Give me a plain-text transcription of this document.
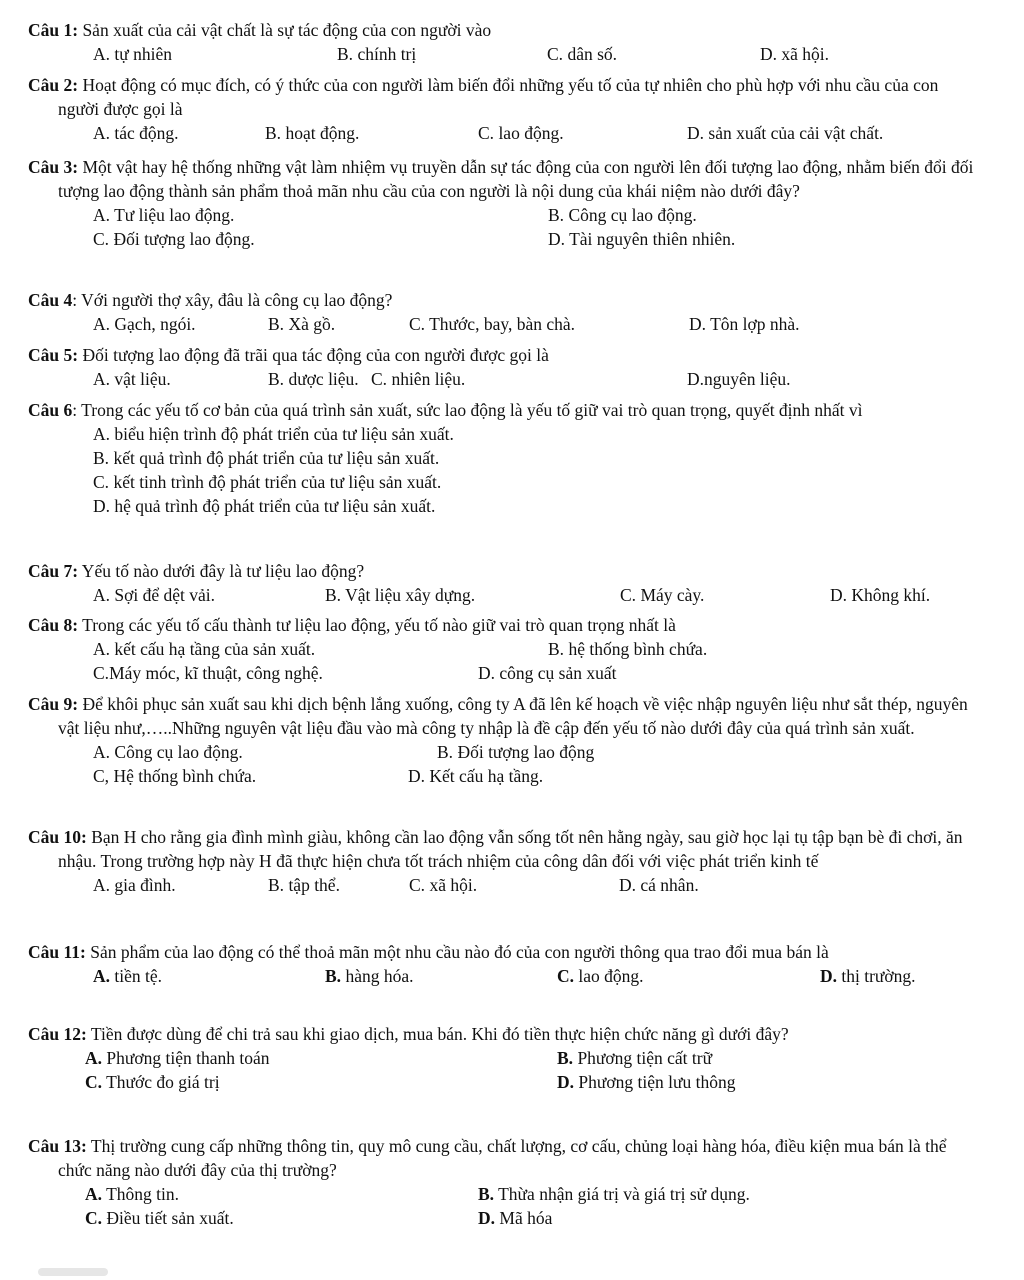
Câu 1: Sản xuất của cải vật chất là sự tác động của con người vào

A. tự nhiên	B. chính trị	C. dân số.	D. xã hội.

Câu 2: Hoạt động có mục đích, có ý thức của con người làm biến đổi những yếu tố của tự nhiên cho phù hợp với nhu cầu của con người được gọi là

A. tác động.	B. hoạt động.	C. lao động.	D. sản xuất của cải vật chất.

Câu 3: Một vật hay hệ thống những vật làm nhiệm vụ truyền dẫn sự tác động của con người lên đối tượng lao động, nhằm biến đổi đối tượng lao động thành sản phẩm thoả mãn nhu cầu của con người là nội dung của khái niệm nào dưới đây?

A. Tư liệu lao động.	B. Công cụ lao động.
C. Đối tượng lao động.	D. Tài nguyên thiên nhiên.

Câu 4: Với người thợ xây, đâu là công cụ lao động?

A. Gạch, ngói.	B. Xà gồ.	C. Thước, bay, bàn chà.	D. Tôn lợp nhà.

Câu 5: Đối tượng lao động đã trãi qua tác động của con người được gọi là

A. vật liệu.	B. dược liệu. C. nhiên liệu.	D.nguyên liệu.

Câu 6: Trong các yếu tố cơ bản của quá trình sản xuất, sức lao động là yếu tố giữ vai trò quan trọng, quyết định nhất vì

A. biểu hiện trình độ phát triển của tư liệu sản xuất.
B. kết quả trình độ phát triển của tư liệu sản xuất.
C. kết tinh trình độ phát triển của tư liệu sản xuất.
D. hệ quả trình độ phát triển của tư liệu sản xuất.

Câu 7: Yếu tố nào dưới đây là tư liệu lao động?

A. Sợi để dệt vải.	B. Vật liệu xây dựng.	C. Máy cày.	D. Không khí.

Câu 8: Trong các yếu tố cấu thành tư liệu lao động, yếu tố nào giữ vai trò quan trọng nhất là

A. kết cấu hạ tầng của sản xuất.	B. hệ thống bình chứa.
C.Máy móc, kĩ thuật, công nghệ.	D. công cụ sản xuất

Câu 9: Để khôi phục sản xuất sau khi dịch bệnh lắng xuống, công ty A đã lên kế hoạch về việc nhập nguyên liệu như sắt thép, nguyên vật liệu như,…..Những nguyên vật liệu đầu vào mà công ty nhập là đề cập đến yếu tố nào dưới đây của quá trình sản xuất.

A. Công cụ lao động.	B. Đối tượng lao động
C, Hệ thống bình chứa.	D. Kết cấu hạ tầng.

Câu 10: Bạn H cho rằng gia đình mình giàu, không cần lao động vẫn sống tốt nên hằng ngày, sau giờ học lại tụ tập bạn bè đi chơi, ăn nhậu. Trong trường hợp này H đã thực hiện chưa tốt trách nhiệm của công dân đối với việc phát triển kinh tế

A. gia đình.	B. tập thể.	C. xã hội.	D. cá nhân.

Câu 11: Sản phẩm của lao động có thể thoả mãn một nhu cầu nào đó của con người thông qua trao đổi mua bán là

A. tiền tệ.	B. hàng hóa.	C. lao động.	D. thị trường.

Câu 12: Tiền được dùng để chi trả sau khi giao dịch, mua bán. Khi đó tiền thực hiện chức năng gì dưới đây?

A. Phương tiện thanh toán	B. Phương tiện cất trữ
C. Thước đo giá trị	D. Phương tiện lưu thông

Câu 13: Thị trường cung cấp những thông tin, quy mô cung cầu, chất lượng, cơ cấu, chủng loại hàng hóa, điều kiện mua bán là thể chức năng nào dưới đây của thị trường?

A. Thông tin.	B. Thừa nhận giá trị và giá trị sử dụng.
C. Điều tiết sản xuất.	D. Mã hóa
